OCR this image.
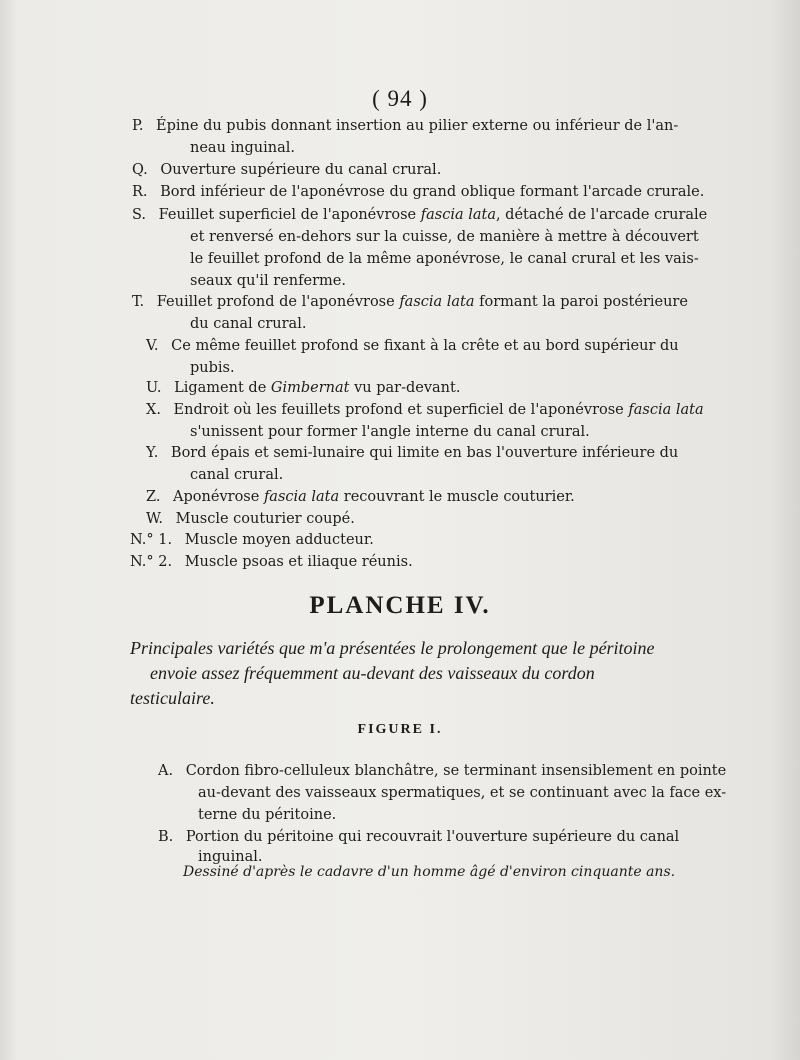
( 94 )
P. Épine du pubis donnant insertion au pilier externe ou inférieur de l'an-
neau inguinal.
Q. Ouverture supérieure du canal crural.
R. Bord inférieur de l'aponévrose du grand oblique formant l'arcade crurale.
S. Feuillet superficiel de l'aponévrose fascia lata, détaché de l'arcade crurale
et renversé en-dehors sur la cuisse, de manière à mettre à découvert
le feuillet profond de la même aponévrose, le canal crural et les vais-
seaux qu'il renferme.
T. Feuillet profond de l'aponévrose fascia lata formant la paroi postérieure
du canal crural.
V. Ce même feuillet profond se fixant à la crête et au bord supérieur du
pubis.
U. Ligament de Gimbernat vu par-devant.
X. Endroit où les feuillets profond et superficiel de l'aponévrose fascia lata
s'unissent pour former l'angle interne du canal crural.
Y. Bord épais et semi-lunaire qui limite en bas l'ouverture inférieure du
canal crural.
Z. Aponévrose fascia lata recouvrant le muscle couturier.
W. Muscle couturier coupé.
N.° 1. Muscle moyen adducteur.
N.° 2. Muscle psoas et iliaque réunis.
PLANCHE IV.
Principales variétés que m'a présentées le prolongement que le péritoine
envoie assez fréquemment au-devant des vaisseaux du cordon
testiculaire.
FIGURE I.
A. Cordon fibro-celluleux blanchâtre, se terminant insensiblement en pointe
au-devant des vaisseaux spermatiques, et se continuant avec la face ex-
terne du péritoine.
B. Portion du péritoine qui recouvrait l'ouverture supérieure du canal
inguinal.
Dessiné d'après le cadavre d'un homme âgé d'environ cinquante ans.
